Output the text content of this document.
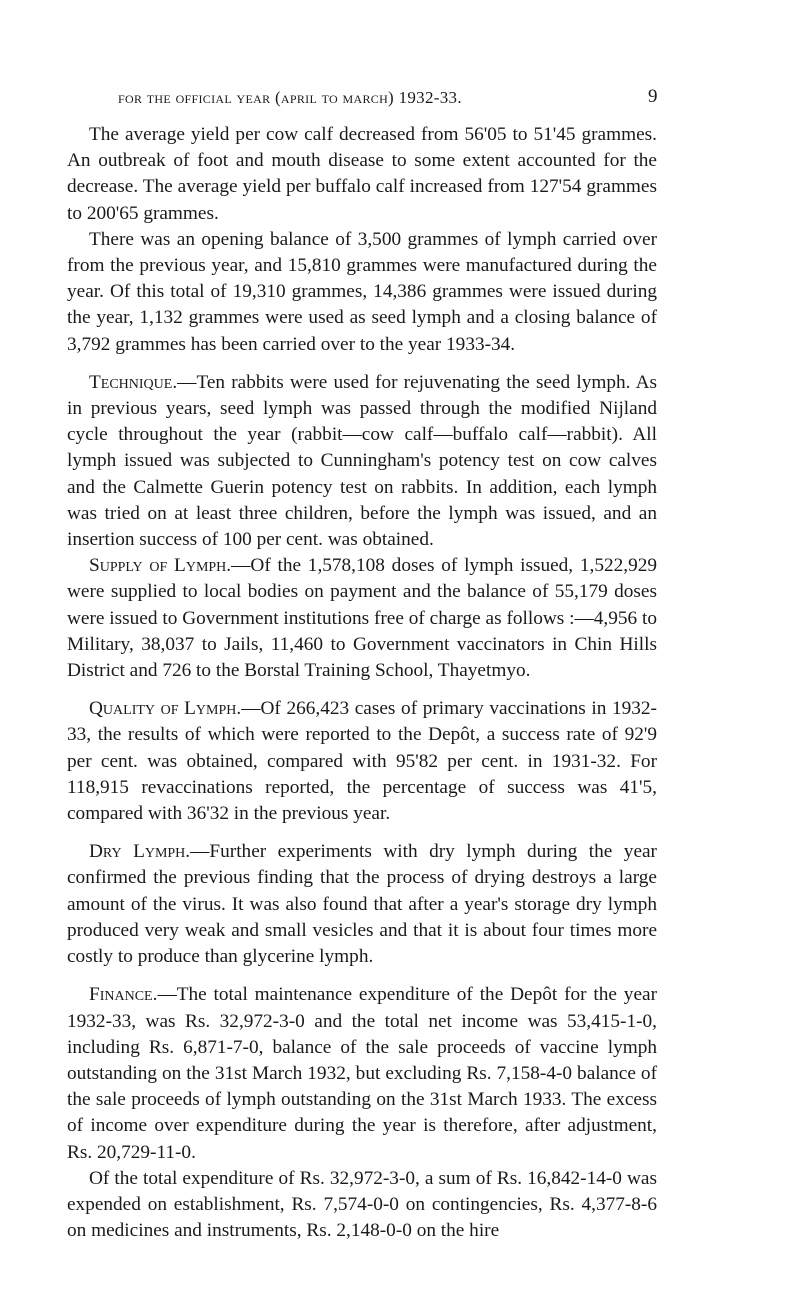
for the official year (april to march) 1932-33.	9

The average yield per cow calf decreased from 56'05 to 51'45 grammes. An outbreak of foot and mouth disease to some extent accounted for the decrease. The average yield per buffalo calf increased from 127'54 grammes to 200'65 grammes.

There was an opening balance of 3,500 grammes of lymph carried over from the previous year, and 15,810 grammes were manufactured during the year. Of this total of 19,310 grammes, 14,386 grammes were issued during the year, 1,132 grammes were used as seed lymph and a closing balance of 3,792 grammes has been carried over to the year 1933-34.

Technique.—Ten rabbits were used for rejuvenating the seed lymph. As in previous years, seed lymph was passed through the modified Nijland cycle throughout the year (rabbit—cow calf—buffalo calf—rabbit). All lymph issued was subjected to Cunningham's potency test on cow calves and the Calmette Guerin potency test on rabbits. In addition, each lymph was tried on at least three children, before the lymph was issued, and an insertion success of 100 per cent. was obtained.

Supply of Lymph.—Of the 1,578,108 doses of lymph issued, 1,522,929 were supplied to local bodies on payment and the balance of 55,179 doses were issued to Government institutions free of charge as follows :—4,956 to Military, 38,037 to Jails, 11,460 to Government vaccinators in Chin Hills District and 726 to the Borstal Training School, Thayetmyo.

Quality of Lymph.—Of 266,423 cases of primary vaccinations in 1932-33, the results of which were reported to the Depôt, a success rate of 92'9 per cent. was obtained, compared with 95'82 per cent. in 1931-32. For 118,915 revaccinations reported, the percentage of success was 41'5, compared with 36'32 in the previous year.

Dry Lymph.—Further experiments with dry lymph during the year confirmed the previous finding that the process of drying destroys a large amount of the virus. It was also found that after a year's storage dry lymph produced very weak and small vesicles and that it is about four times more costly to produce than glycerine lymph.

Finance.—The total maintenance expenditure of the Depôt for the year 1932-33, was Rs. 32,972-3-0 and the total net income was 53,415-1-0, including Rs. 6,871-7-0, balance of the sale proceeds of vaccine lymph outstanding on the 31st March 1932, but excluding Rs. 7,158-4-0 balance of the sale proceeds of lymph outstanding on the 31st March 1933. The excess of income over expenditure during the year is therefore, after adjustment, Rs. 20,729-11-0.

Of the total expenditure of Rs. 32,972-3-0, a sum of Rs. 16,842-14-0 was expended on establishment, Rs. 7,574-0-0 on contingencies, Rs. 4,377-8-6 on medicines and instruments, Rs. 2,148-0-0 on the hire
